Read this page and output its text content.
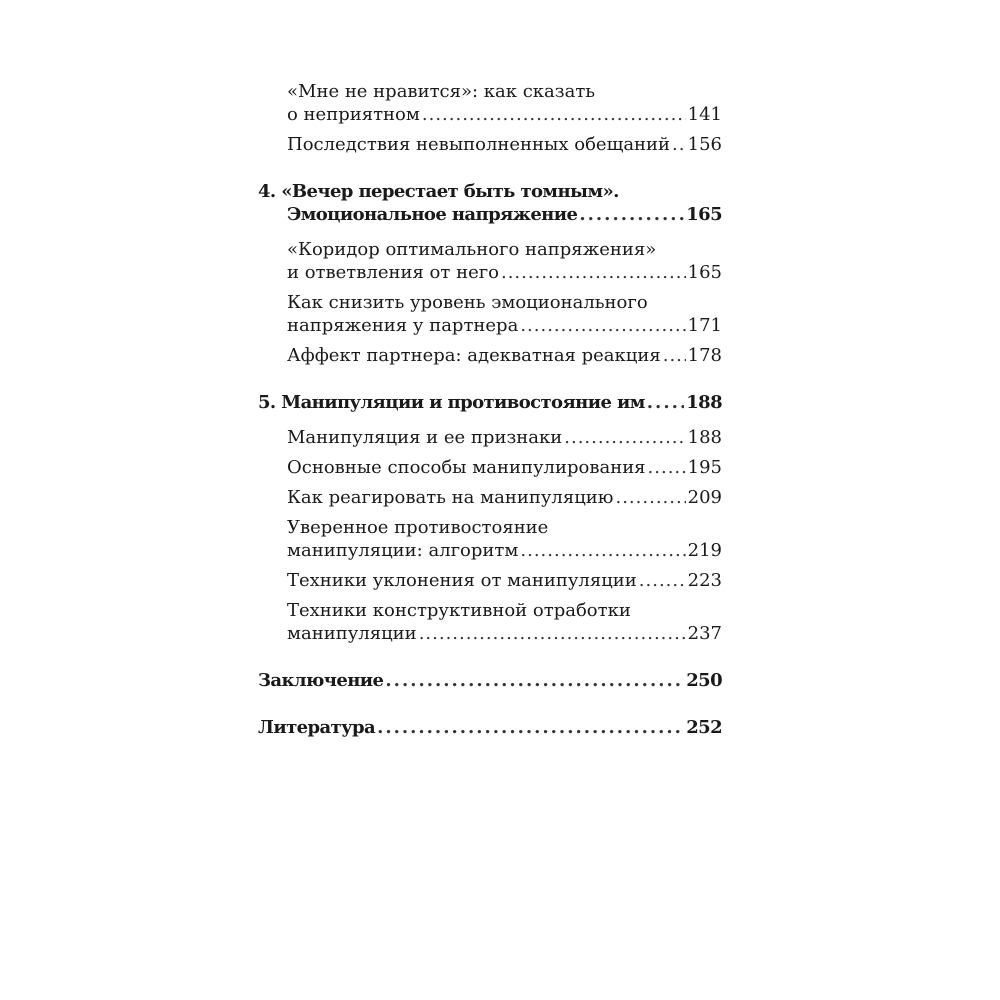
«Мне не нравится»: как сказать
о неприятном .....	141
Последствия невыполненных обещаний ..... 156
4. «Вечер перестает быть томным».
Эмоциональное напряжение .....	165
«Коридор оптимального напряжения»
и ответвления от него .....	165
Как снизить уровень эмоционального
напряжения у партнера .....	171
Аффект партнера: адекватная реакция ..... 178
5. Манипуляции и противостояние им ..... 188
Манипуляция и ее признаки .....	188
Основные способы манипулирования ..... 195
Как реагировать на манипуляцию .....	209
Уверенное противостояние
манипуляции: алгоритм .....	219
Техники уклонения от манипуляции .....	223
Техники конструктивной отработки
манипуляции .....	237
Заключение .....	250
Литература .....	252
